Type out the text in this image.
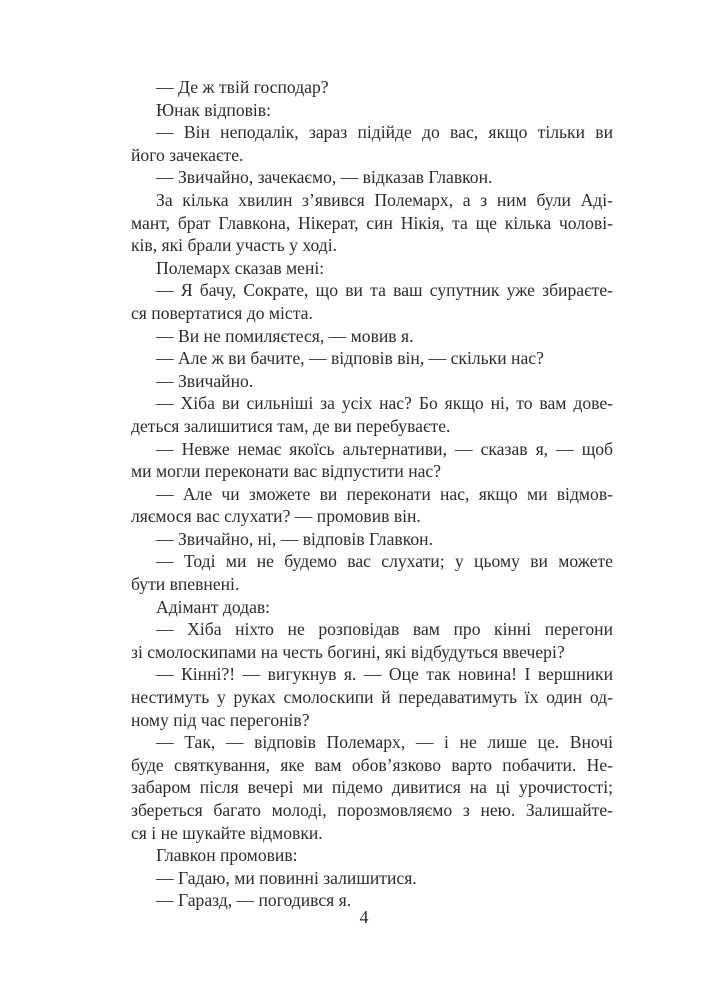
— Де ж твій господар?
Юнак відповів:
— Він неподалік, зараз підійде до вас, якщо тільки ви
його зачекаєте.
— Звичайно, зачекаємо, — відказав Главкон.
За кілька хвилин з’явився Полемарх, а з ним були Аді-
мант, брат Главкона, Нікерат, син Нікія, та ще кілька чолові-
ків, які брали участь у ході.
Полемарх сказав мені:
— Я бачу, Сократе, що ви та ваш супутник уже збираєте-
ся повертатися до міста.
— Ви не помиляєтеся, — мовив я.
— Але ж ви бачите, — відповів він, — скільки нас?
— Звичайно.
— Хіба ви сильніші за усіх нас? Бо якщо ні, то вам дове-
деться залишитися там, де ви перебуваєте.
— Невже немає якоїсь альтернативи, — сказав я, — щоб
ми могли переконати вас відпустити нас?
— Але чи зможете ви переконати нас, якщо ми відмов-
ляємося вас слухати? — промовив він.
— Звичайно, ні, — відповів Главкон.
— Тоді ми не будемо вас слухати; у цьому ви можете
бути впевнені.
Адімант додав:
— Хіба ніхто не розповідав вам про кінні перегони
зі смолоскипами на честь богині, які відбудуться ввечері?
— Кінні?! — вигукнув я. — Оце так новина! І вершники
нестимуть у руках смолоскипи й передаватимуть їх один од-
ному під час перегонів?
— Так, — відповів Полемарх, — і не лише це. Вночі
буде святкування, яке вам обов’язково варто побачити. Не-
забаром після вечері ми підемо дивитися на ці урочистості;
збереться багато молоді, порозмовляємо з нею. Залишайте-
ся і не шукайте відмовки.
Главкон промовив:
— Гадаю, ми повинні залишитися.
— Гаразд, — погодився я.
4
